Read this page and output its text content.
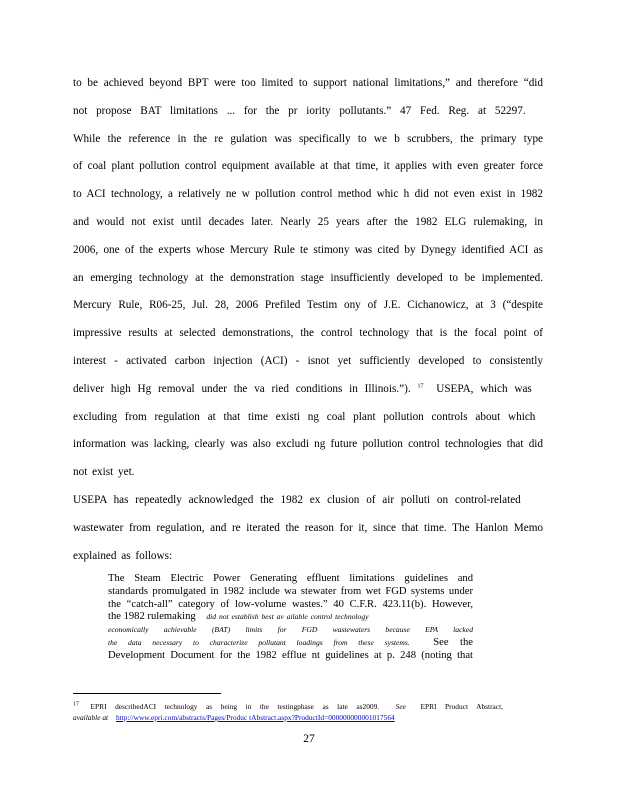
to be achieved beyond BPT were too limited to support national limitations,” and therefore “did
not propose BAT limitations ... for the pr iority pollutants.” 47 Fed. Reg. at 52297.
While the reference in the re gulation was specifically to we b scrubbers, the primary type
of coal plant pollution control equipment available at that time, it applies with even greater force
to ACI technology, a relatively ne w pollution control method whic h did not even exist in 1982
and would not exist until decades later. Nearly 25 years after the 1982 ELG rulemaking, in
2006, one of the experts whose Mercury Rule te stimony was cited by Dynegy identified ACI as
an emerging technology at the demonstration stage insufficiently developed to be implemented.
Mercury Rule, R06-25, Jul. 28, 2006 Prefiled Testim ony of J.E. Cichanowicz, at 3 (“despite
impressive results at selected demonstrations, the control technology that is the focal point of
interest - activated carbon injection (ACI) - isnot yet sufficiently developed to consistently
deliver high Hg removal under the va ried conditions in Illinois.”). $^{17}$ USEPA, which was
excluding from regulation at that time existi ng coal plant pollution controls about which
information was lacking, clearly was also excludi ng future pollution control technologies that did
not exist yet.
USEPA has repeatedly acknowledged the 1982 ex clusion of air polluti on control-related
wastewater from regulation, and re iterated the reason for it, since that time. The Hanlon Memo
explained as follows:
The Steam Electric Power Generating effluent limitations guidelines and
standards promulgated in 1982 include wa stewater from wet FGD systems under
the “catch-all” category of low-volume wastes.” 40 C.F.R. 423.11(b). However,
the 1982 rulemaking did not establish best av ailable control technology
economically achievable (BAT) limits for FGD wastewaters because EPA lacked
the data necessary to characterize pollutant loadings from these systems. See the
Development Document for the 1982 efflue nt guidelines at p. 248 (noting that
$^{17}$ EPRI describedACI technology as being in the testingphase as late as2009. See EPRI Product Abstract,
available at http://www.epri.com/abstracts/Pages/Produc tAbstract.aspx?ProductId=000000000001017564
27
